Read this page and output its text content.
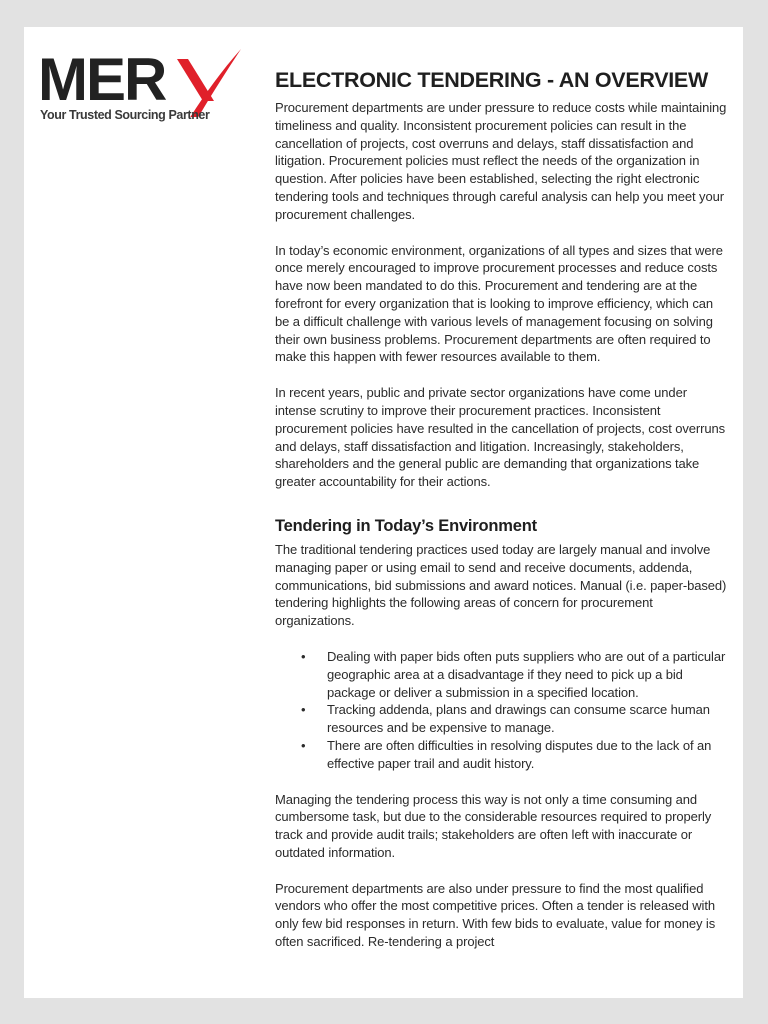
MER
Your Trusted Sourcing Partner
ELECTRONIC TENDERING - AN OVERVIEW

Procurement departments are under pressure to reduce costs while maintaining timeliness and quality. Inconsistent procurement policies can result in the cancellation of projects, cost overruns and delays, staff dissatisfaction and litigation. Procurement policies must reflect the needs of the organization in question. After policies have been established, selecting the right electronic tendering tools and techniques through careful analysis can help you meet your procurement challenges.

In today’s economic environment, organizations of all types and sizes that were once merely encouraged to improve procurement processes and reduce costs have now been mandated to do this. Procurement and tendering are at the forefront for every organization that is looking to improve efficiency, which can be a difficult challenge with various levels of management focusing on solving their own business problems. Procurement departments are often required to make this happen with fewer resources available to them.

In recent years, public and private sector organizations have come under intense scrutiny to improve their procurement practices. Inconsistent procurement policies have resulted in the cancellation of projects, cost overruns and delays, staff dissatisfaction and litigation. Increasingly, stakeholders, shareholders and the general public are demanding that organizations take greater accountability for their actions.

Tendering in Today’s Environment

The traditional tendering practices used today are largely manual and involve managing paper or using email to send and receive documents, addenda, communications, bid submissions and award notices. Manual (i.e. paper-based) tendering highlights the following areas of concern for procurement organizations.

• Dealing with paper bids often puts suppliers who are out of a particular geographic area at a disadvantage if they need to pick up a bid package or deliver a submission in a specified location.
• Tracking addenda, plans and drawings can consume scarce human resources and be expensive to manage.
• There are often difficulties in resolving disputes due to the lack of an effective paper trail and audit history.

Managing the tendering process this way is not only a time consuming and cumbersome task, but due to the considerable resources required to properly track and provide audit trails; stakeholders are often left with inaccurate or outdated information.

Procurement departments are also under pressure to find the most qualified vendors who offer the most competitive prices. Often a tender is released with only few bid responses in return. With few bids to evaluate, value for money is often sacrificed. Re-tendering a project
